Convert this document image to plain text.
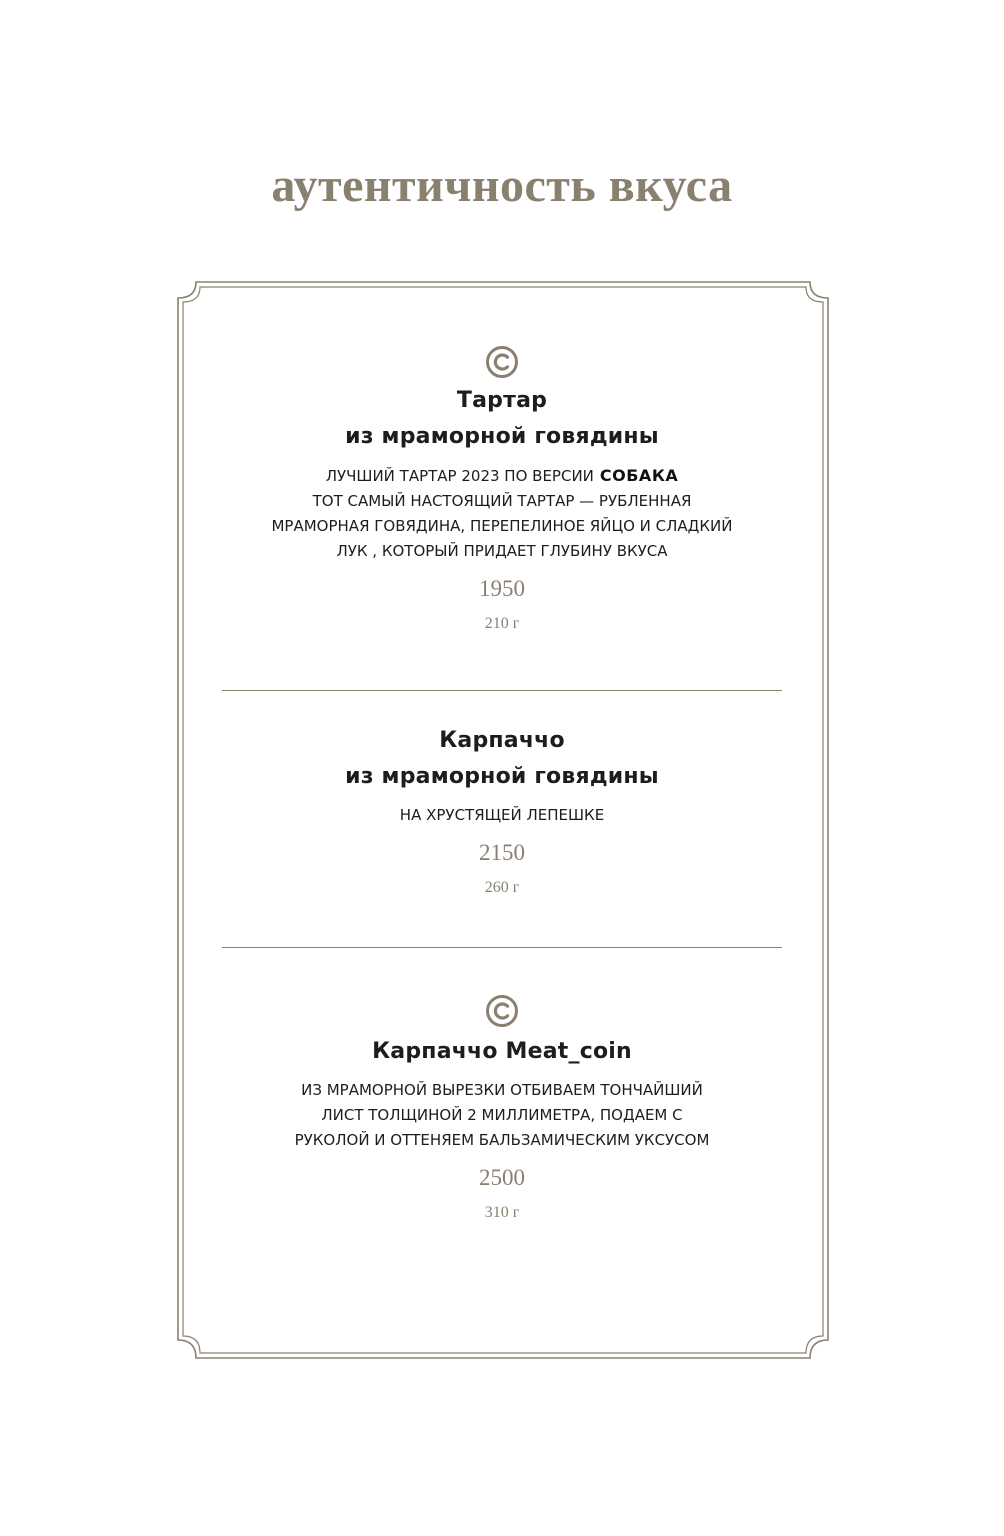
аутентичность вкуса
Тартар
из мраморной говядины
ЛУЧШИЙ ТАРТАР 2023 ПО ВЕРСИИ СОБАКА
ТОТ САМЫЙ НАСТОЯЩИЙ ТАРТАР — РУБЛЕННАЯ
МРАМОРНАЯ ГОВЯДИНА, ПЕРЕПЕЛИНОЕ ЯЙЦО И СЛАДКИЙ
ЛУК , КОТОРЫЙ ПРИДАЕТ ГЛУБИНУ ВКУСА
1950
210 г
Карпаччо
из мраморной говядины
НА ХРУСТЯЩЕЙ ЛЕПЕШКЕ
2150
260 г
Карпаччо Meat_coin
ИЗ МРАМОРНОЙ ВЫРЕЗКИ ОТБИВАЕМ ТОНЧАЙШИЙ
ЛИСТ ТОЛЩИНОЙ 2 МИЛЛИМЕТРА, ПОДАЕМ С
РУКОЛОЙ И ОТТЕНЯЕМ БАЛЬЗАМИЧЕСКИМ УКСУСОМ
2500
310 г
